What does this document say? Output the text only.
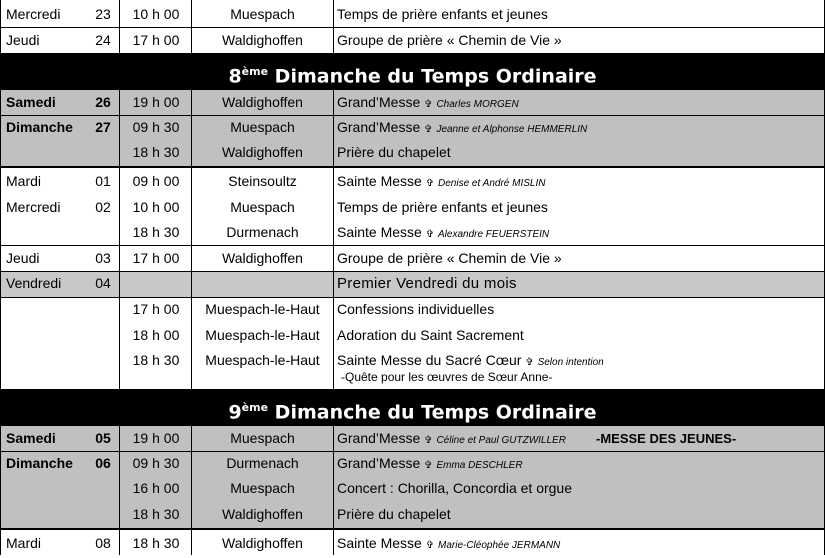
Mercredi 23	10 h 00	Muespach	Temps de prière enfants et jeunes
Jeudi	24	17 h 00	Waldighoffen	Groupe de prière « Chemin de Vie »
8ème Dimanche du Temps Ordinaire
Samedi	26	19 h 00	Waldighoffen	Grand’Messe ✞ Charles MORGEN
Dimanche 27	09 h 30	Muespach	Grand’Messe ✞ Jeanne et Alphonse HEMMERLIN
18 h 30	Waldighoffen	Prière du chapelet
Mardi	01	09 h 00	Steinsoultz	Sainte Messe ✞ Denise et André MISLIN
Mercredi 02	10 h 00	Muespach	Temps de prière enfants et jeunes
18 h 30	Durmenach	Sainte Messe ✞ Alexandre FEUERSTEIN
Jeudi	03	17 h 00	Waldighoffen	Groupe de prière « Chemin de Vie »
Vendredi 04	Premier Vendredi du mois
17 h 00	Muespach-le-Haut	Confessions individuelles
18 h 00	Muespach-le-Haut	Adoration du Saint Sacrement
18 h 30	Muespach-le-Haut	Sainte Messe du Sacré Cœur ✞ Selon intention
-Quête pour les œuvres de Sœur Anne-
9ème Dimanche du Temps Ordinaire
Samedi	05	19 h 00	Muespach	Grand’Messe ✞ Céline et Paul GUTZWILLER -MESSE DES JEUNES-
Dimanche 06	09 h 30	Durmenach	Grand’Messe ✞ Emma DESCHLER
16 h 00	Muespach	Concert : Chorilla, Concordia et orgue
18 h 30	Waldighoffen	Prière du chapelet
Mardi	08	18 h 30	Waldighoffen	Sainte Messe ✞ Marie-Cléophée JERMANN
